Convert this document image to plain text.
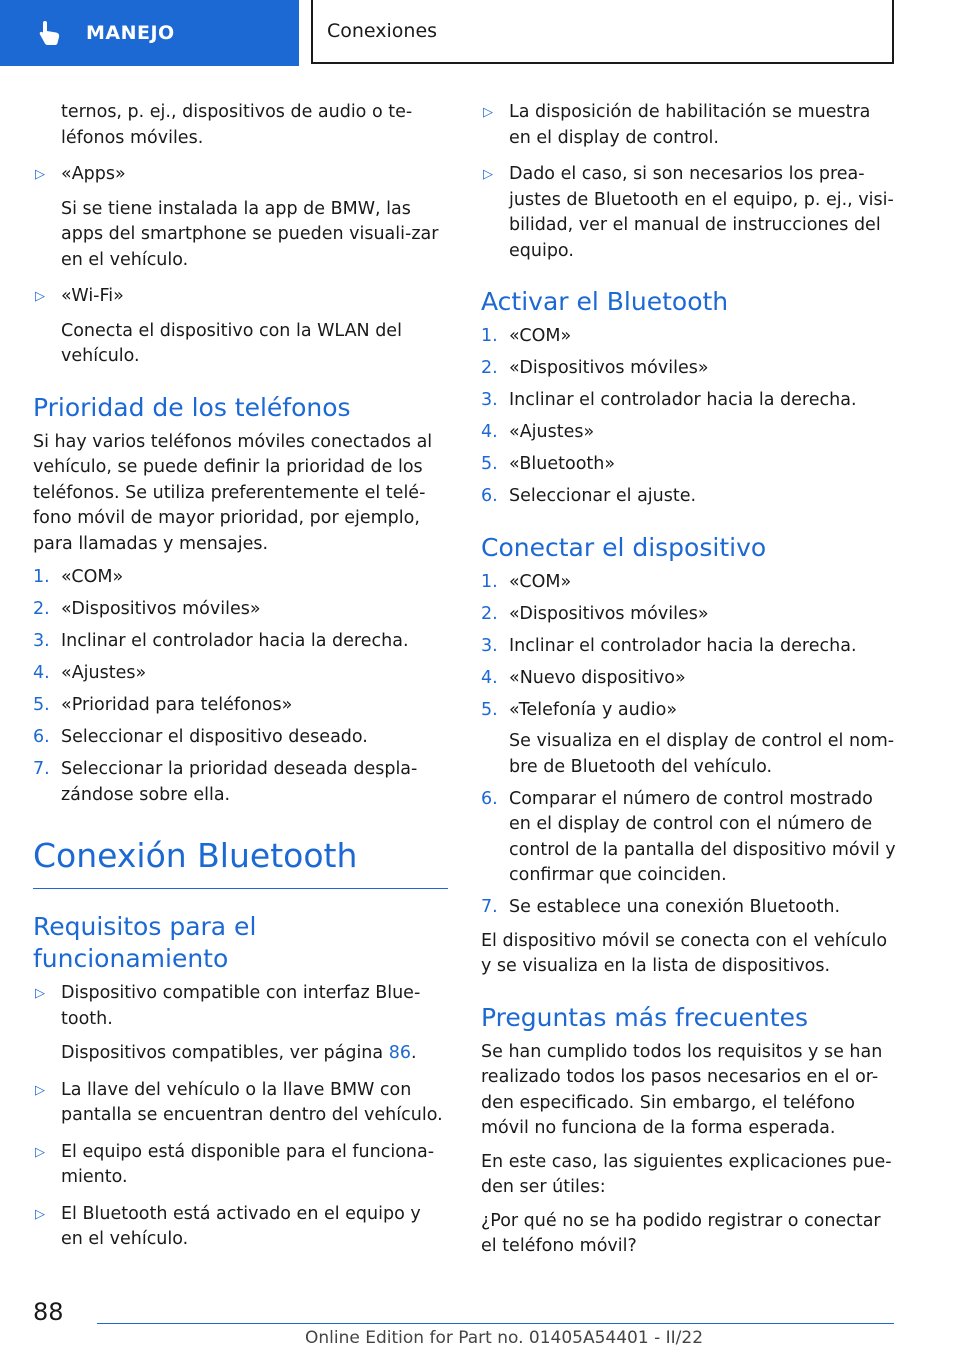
MANEJO	Conexiones
ternos, p. ej., dispositivos de audio o te-léfonos móviles.
▷ «Apps»
Si se tiene instalada la app de BMW, las apps del smartphone se pueden visuali-zar en el vehículo.
▷ «Wi-Fi»
Conecta el dispositivo con la WLAN del vehículo.
Prioridad de los teléfonos

Si hay varios teléfonos móviles conectados al vehículo, se puede definir la prioridad de los teléfonos. Se utiliza preferentemente el telé-fono móvil de mayor prioridad, por ejemplo, para llamadas y mensajes.

1. «COM»
2. «Dispositivos móviles»
3. Inclinar el controlador hacia la derecha.
4. «Ajustes»
5. «Prioridad para teléfonos»
6. Seleccionar el dispositivo deseado.
7. Seleccionar la prioridad deseada despla-zándose sobre ella.
Conexión Bluetooth
Requisitos para el funcionamiento
▷ Dispositivo compatible con interfaz Blue-tooth.
Dispositivos compatibles, ver página 86.
▷ La llave del vehículo o la llave BMW con pantalla se encuentran dentro del vehículo.
▷ El equipo está disponible para el funciona-miento.
▷ El Bluetooth está activado en el equipo y en el vehículo.
▷ La disposición de habilitación se muestra en el display de control.
▷ Dado el caso, si son necesarios los prea-justes de Bluetooth en el equipo, p. ej., visi-bilidad, ver el manual de instrucciones del equipo.
Activar el Bluetooth
1. «COM»
2. «Dispositivos móviles»
3. Inclinar el controlador hacia la derecha.
4. «Ajustes»
5. «Bluetooth»
6. Seleccionar el ajuste.
Conectar el dispositivo
1. «COM»
2. «Dispositivos móviles»
3. Inclinar el controlador hacia la derecha.
4. «Nuevo dispositivo»
5. «Telefonía y audio»
Se visualiza en el display de control el nom-bre de Bluetooth del vehículo.
6. Comparar el número de control mostrado en el display de control con el número de control de la pantalla del dispositivo móvil y confirmar que coinciden.
7. Se establece una conexión Bluetooth.

El dispositivo móvil se conecta con el vehículo y se visualiza en la lista de dispositivos.

Preguntas más frecuentes

Se han cumplido todos los requisitos y se han realizado todos los pasos necesarios en el or-den especificado. Sin embargo, el teléfono móvil no funciona de la forma esperada.

En este caso, las siguientes explicaciones pue-den ser útiles:

¿Por qué no se ha podido registrar o conectar el teléfono móvil?

88
Online Edition for Part no. 01405A54401 - II/22
